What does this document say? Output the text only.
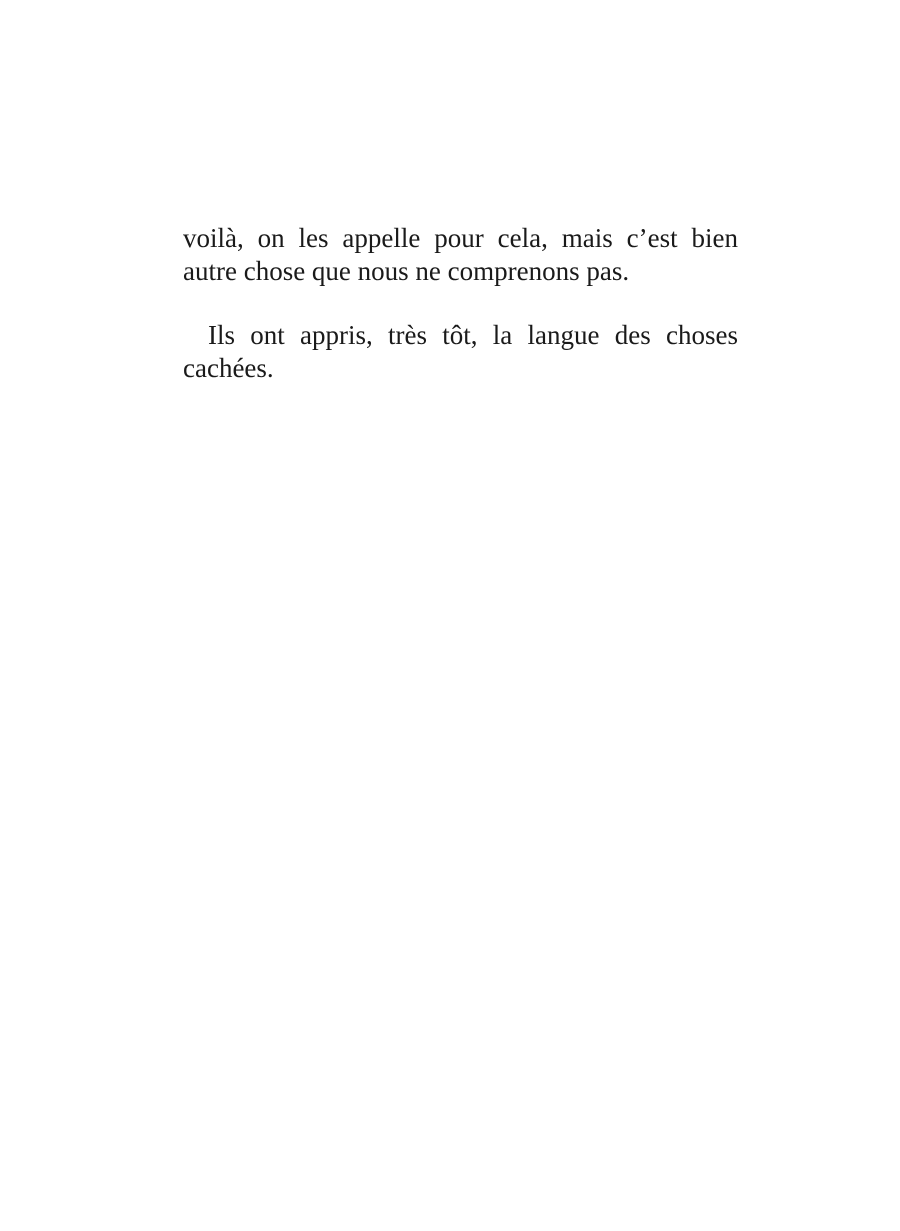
voilà, on les appelle pour cela, mais c’est bien
autre chose que nous ne comprenons pas.
Ils ont appris, très tôt, la langue des choses
cachées.
